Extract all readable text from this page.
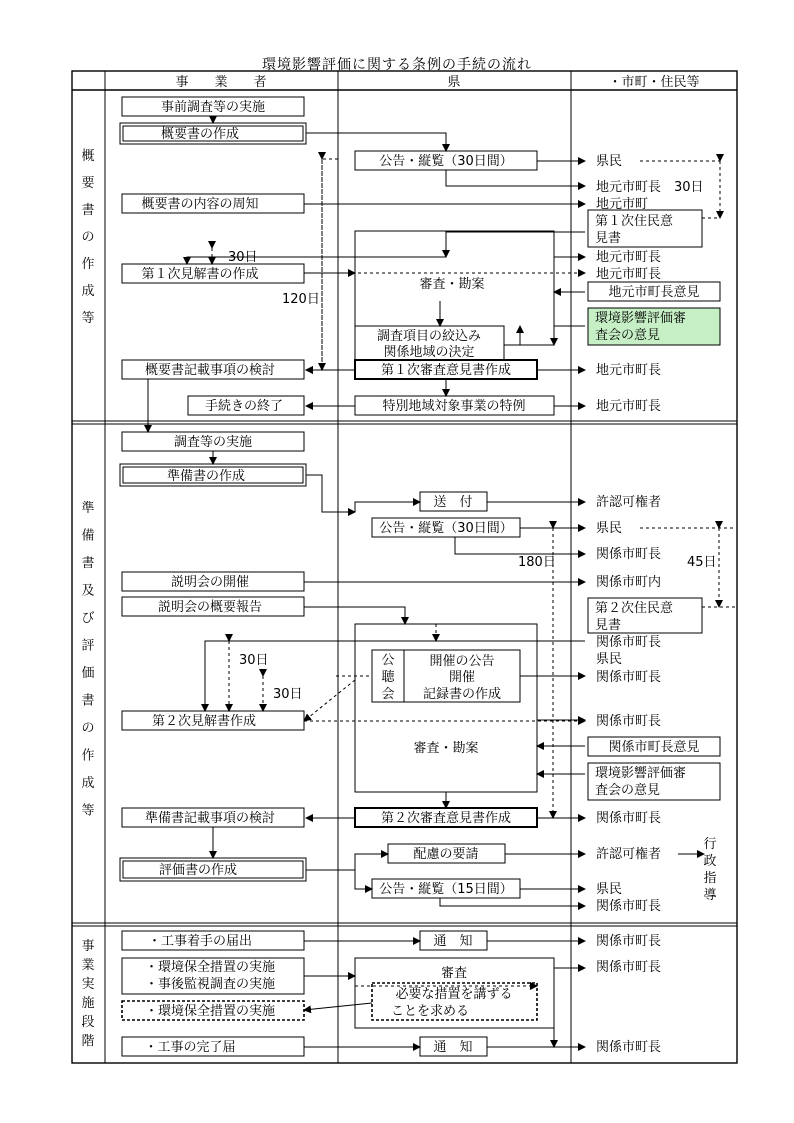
環境影響評価に関する条例の手続の流れ
事　　業　　者	県	・市町・住民等
概要書の作成等
準備書及び評価書の作成等
事業実施段階
事前調査等の実施
概要書の作成
概要書の内容の周知
第１次見解書の作成
概要書記載事項の検討
手続きの終了
調査等の実施
準備書の作成
説明会の開催
説明会の概要報告
第２次見解書作成
準備書記載事項の検討
評価書の作成
・工事着手の届出
・環境保全措置の実施
・事後監視調査の実施
・環境保全措置の実施
・工事の完了届
公告・縦覧（30日間）
審査・勘案
調査項目の絞込み
関係地域の決定
第１次審査意見書作成
特別地域対象事業の特例
送　付
公告・縦覧（30日間）
開催の公告
開催
記録書の作成
審査・勘案
第２次審査意見書作成
配慮の要請
公告・縦覧（15日間）
通　知
審査
必要な措置を講ずる
ことを求める
通　知
公聴会
第１次住民意見書
地元市町長意見
環境影響評価審査会の意見
第２次住民意見書
関係市町長意見
環境影響評価審査会の意見
県民
地元市町長　30日
地元市町
地元市町長
地元市町長
地元市町長
地元市町長
許認可権者
県民
関係市町長
関係市町内
関係市町長
県民
関係市町長
関係市町長
関係市町長
許認可権者
県民
関係市町長
関係市町長
関係市町長
関係市町長
行政指導
30日
120日
180日	45日
30日
30日
